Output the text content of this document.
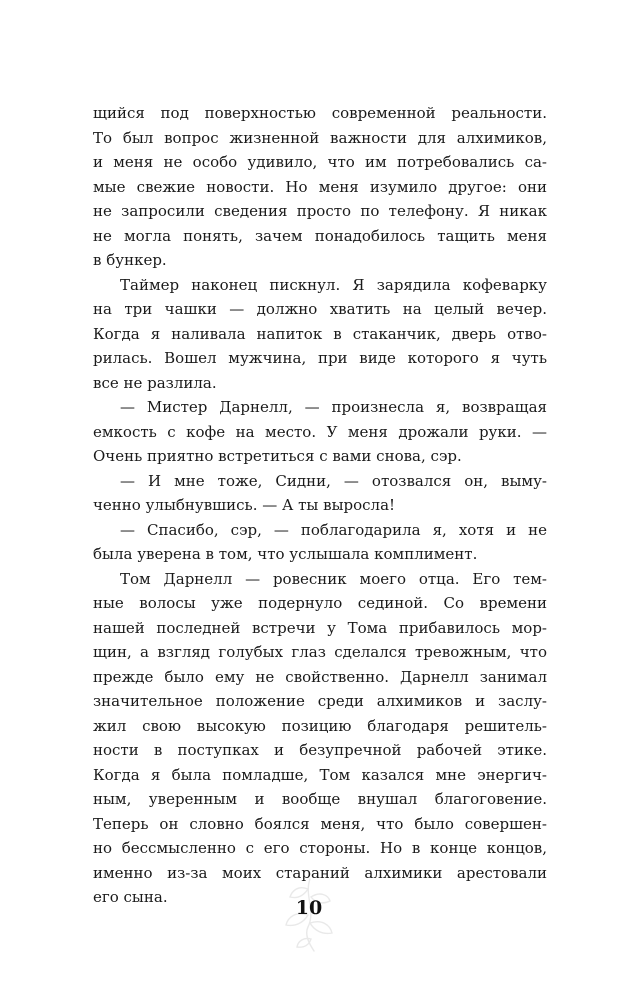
щийся под поверхностью современной реальности.
То был вопрос жизненной важности для алхимиков,
и меня не особо удивило, что им потребовались са-
мые свежие новости. Но меня изумило другое: они
не запросили сведения просто по телефону. Я никак
не могла понять, зачем понадобилось тащить меня
в бункер.
Таймер наконец пискнул. Я зарядила кофеварку
на три чашки — должно хватить на целый вечер.
Когда я наливала напиток в стаканчик, дверь отво-
рилась. Вошел мужчина, при виде которого я чуть
все не разлила.
— Мистер Дарнелл, — произнесла я, возвращая
емкость с кофе на место. У меня дрожали руки. —
Очень приятно встретиться с вами снова, сэр.
— И мне тоже, Сидни, — отозвался он, выму-
ченно улыбнувшись. — А ты выросла!
— Спасибо, сэр, — поблагодарила я, хотя и не
была уверена в том, что услышала комплимент.
Том Дарнелл — ровесник моего отца. Его тем-
ные волосы уже подернуло сединой. Со времени
нашей последней встречи у Тома прибавилось мор-
щин, а взгляд голубых глаз сделался тревожным, что
прежде было ему не свойственно. Дарнелл занимал
значительное положение среди алхимиков и заслу-
жил свою высокую позицию благодаря решитель-
ности в поступках и безупречной рабочей этике.
Когда я была помладше, Том казался мне энергич-
ным, уверенным и вообще внушал благоговение.
Теперь он словно боялся меня, что было совершен-
но бессмысленно с его стороны. Но в конце концов,
именно из-за моих стараний алхимики арестовали
его сына.	10
